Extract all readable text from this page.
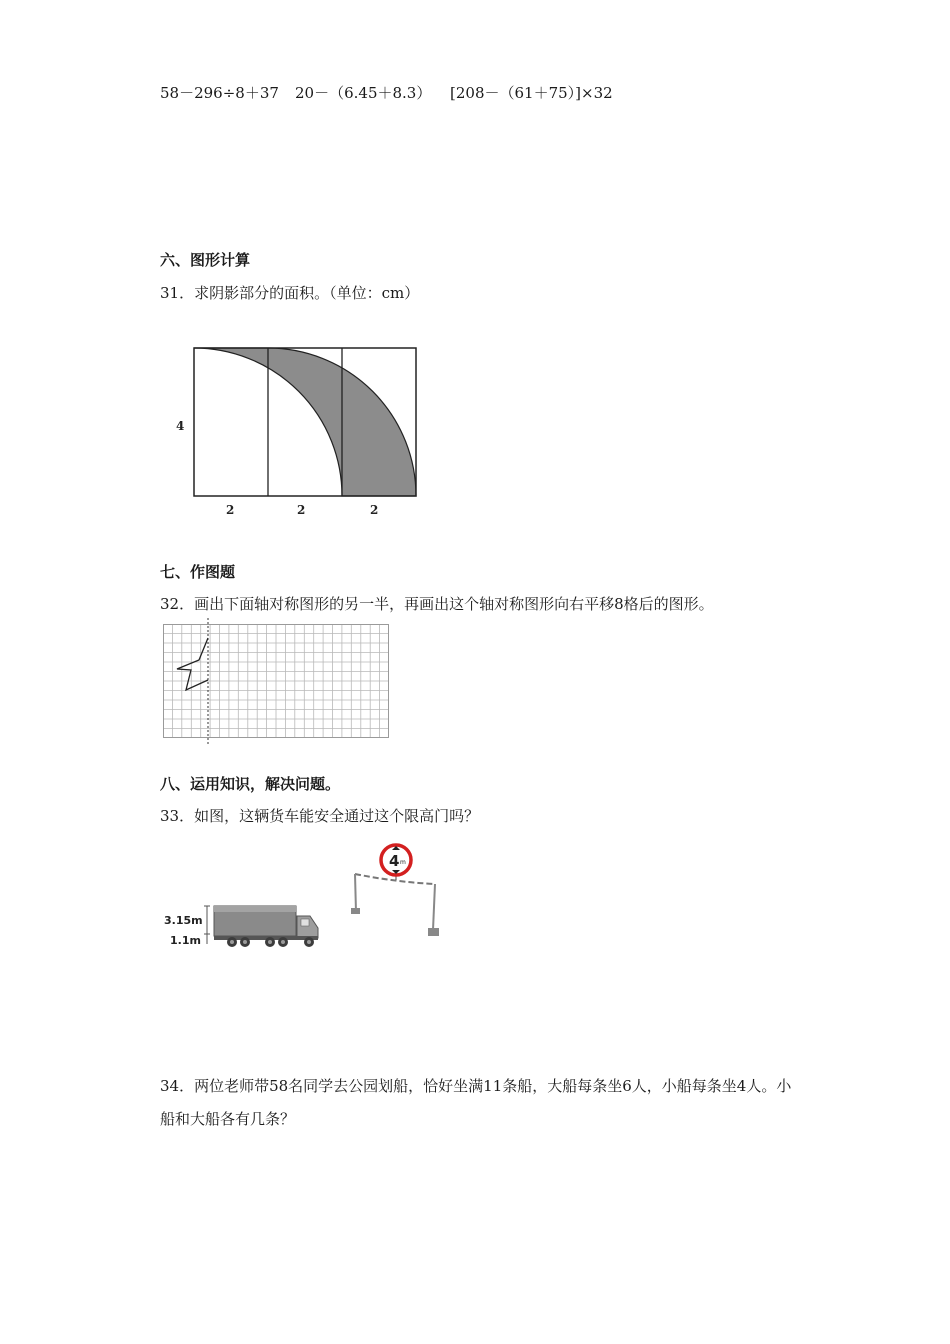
58－296÷8＋37 20－（6.45＋8.3） [208－（61＋75）]×32
六、图形计算
31．求阴影部分的面积。（单位：cm）
4
2	2	2
七、作图题
32．画出下面轴对称图形的另一半，再画出这个轴对称图形向右平移8格后的图形。
八、运用知识，解决问题。
33．如图，这辆货车能安全通过这个限高门吗？
3.15m
1.1m
4 m
34．两位老师带58名同学去公园划船，恰好坐满11条船，大船每条坐6人，小船每条坐4人。小船和大船各有几条？
